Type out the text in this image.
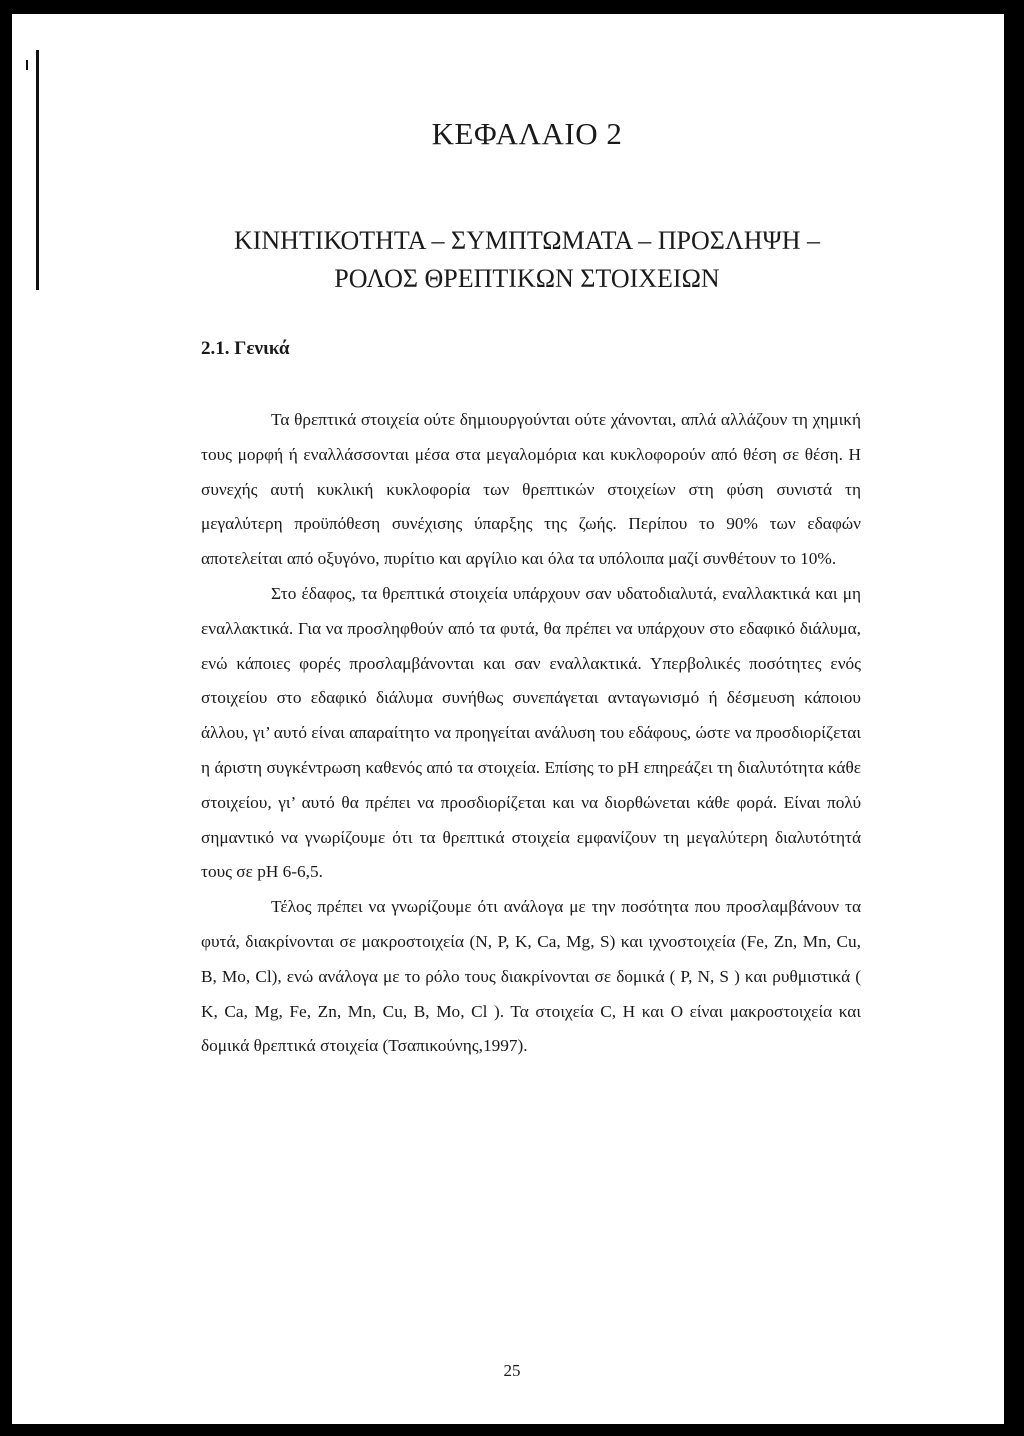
ΚΕΦΑΛΑΙΟ 2
ΚΙΝΗΤΙΚΟΤΗΤΑ – ΣΥΜΠΤΩΜΑΤΑ – ΠΡΟΣΛΗΨΗ –
ΡΟΛΟΣ ΘΡΕΠΤΙΚΩΝ ΣΤΟΙΧΕΙΩΝ
2.1. Γενικά

Τα θρεπτικά στοιχεία ούτε δημιουργούνται ούτε χάνονται, απλά αλλάζουν τη χημική τους μορφή ή εναλλάσσονται μέσα στα μεγαλομόρια και κυκλοφορούν από θέση σε θέση. Η συνεχής αυτή κυκλική κυκλοφορία των θρεπτικών στοιχείων στη φύση συνιστά τη μεγαλύτερη προϋπόθεση συνέχισης ύπαρξης της ζωής. Περίπου το 90% των εδαφών αποτελείται από οξυγόνο, πυρίτιο και αργίλιο και όλα τα υπόλοιπα μαζί συνθέτουν το 10%.

Στο έδαφος, τα θρεπτικά στοιχεία υπάρχουν σαν υδατοδιαλυτά, εναλλακτικά και μη εναλλακτικά. Για να προσληφθούν από τα φυτά, θα πρέπει να υπάρχουν στο εδαφικό διάλυμα, ενώ κάποιες φορές προσλαμβάνονται και σαν εναλλακτικά. Υπερβολικές ποσότητες ενός στοιχείου στο εδαφικό διάλυμα συνήθως συνεπάγεται ανταγωνισμό ή δέσμευση κάποιου άλλου, γι’ αυτό είναι απαραίτητο να προηγείται ανάλυση του εδάφους, ώστε να προσδιορίζεται η άριστη συγκέντρωση καθενός από τα στοιχεία. Επίσης το pH επηρεάζει τη διαλυτότητα κάθε στοιχείου, γι’ αυτό θα πρέπει να προσδιορίζεται και να διορθώνεται κάθε φορά. Είναι πολύ σημαντικό να γνωρίζουμε ότι τα θρεπτικά στοιχεία εμφανίζουν τη μεγαλύτερη διαλυτότητά τους σε pH 6-6,5.

Τέλος πρέπει να γνωρίζουμε ότι ανάλογα με την ποσότητα που προσλαμβάνουν τα φυτά, διακρίνονται σε μακροστοιχεία (N, P, K, Ca, Mg, S) και ιχνοστοιχεία (Fe, Zn, Mn, Cu, B, Mo, Cl), ενώ ανάλογα με το ρόλο τους διακρίνονται σε δομικά ( P, N, S ) και ρυθμιστικά ( K, Ca, Mg, Fe, Zn, Mn, Cu, B, Mo, Cl ). Τα στοιχεία C, H και O είναι μακροστοιχεία και δομικά θρεπτικά στοιχεία (Τσαπικούνης,1997).

25
